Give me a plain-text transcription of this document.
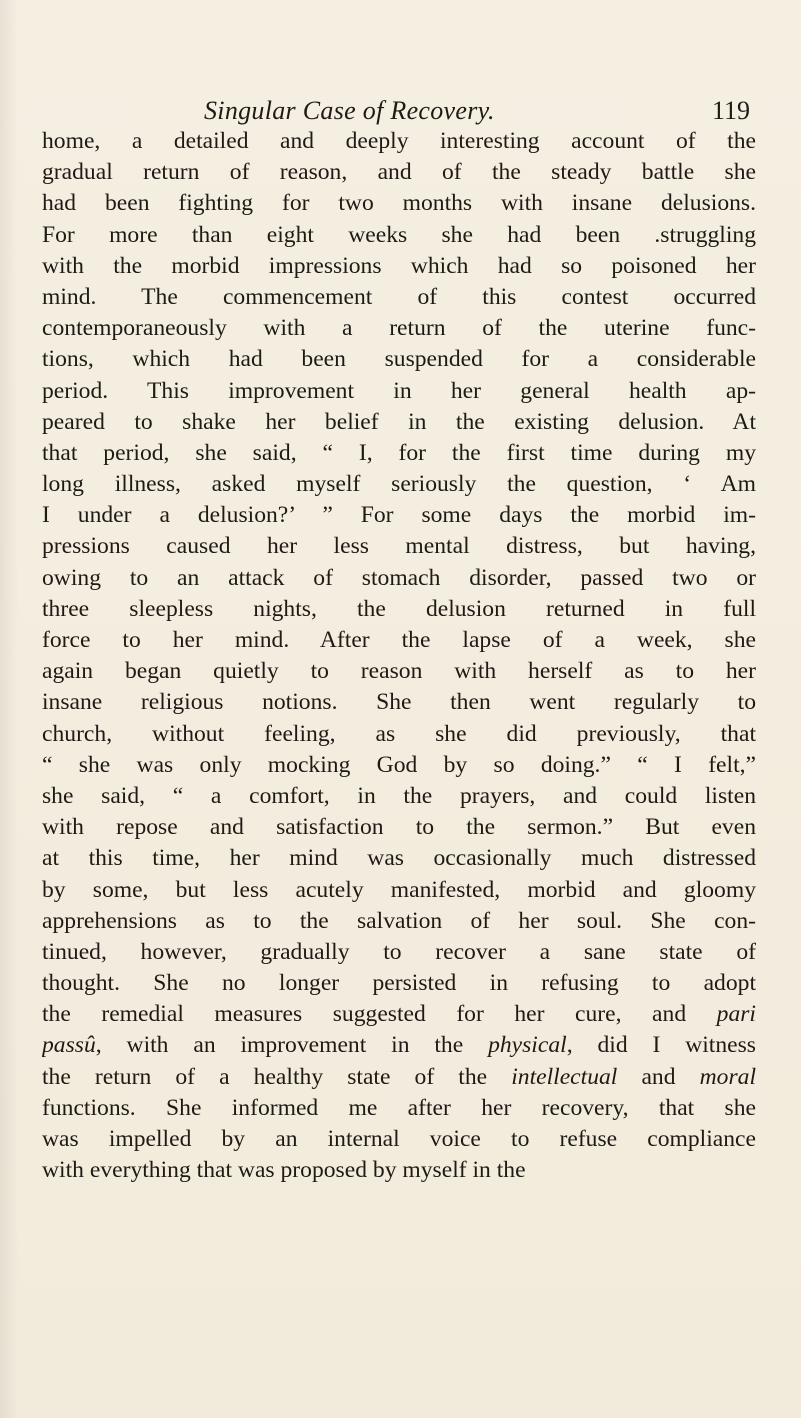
Singular Case of Recovery.	119
home, a detailed and deeply interesting account of the
gradual return of reason, and of the steady battle she
had been fighting for two months with insane delusions.
For more than eight weeks she had been .struggling
with the morbid impressions which had so poisoned her
mind. The commencement of this contest occurred
contemporaneously with a return of the uterine func-
tions, which had been suspended for a considerable
period. This improvement in her general health ap-
peared to shake her belief in the existing delusion. At
that period, she said, “ I, for the first time during my
long illness, asked myself seriously the question, ‘ Am
I under a delusion?’ ” For some days the morbid im-
pressions caused her less mental distress, but having,
owing to an attack of stomach disorder, passed two or
three sleepless nights, the delusion returned in full
force to her mind. After the lapse of a week, she
again began quietly to reason with herself as to her
insane religious notions. She then went regularly to
church, without feeling, as she did previously, that
“ she was only mocking God by so doing.” “ I felt,”
she said, “ a comfort, in the prayers, and could listen
with repose and satisfaction to the sermon.” But even
at this time, her mind was occasionally much distressed
by some, but less acutely manifested, morbid and gloomy
apprehensions as to the salvation of her soul. She con-
tinued, however, gradually to recover a sane state of
thought. She no longer persisted in refusing to adopt
the remedial measures suggested for her cure, and pari
passû, with an improvement in the physical, did I witness
the return of a healthy state of the intellectual and moral
functions. She informed me after her recovery, that she
was impelled by an internal voice to refuse compliance
with everything that was proposed by myself in the
